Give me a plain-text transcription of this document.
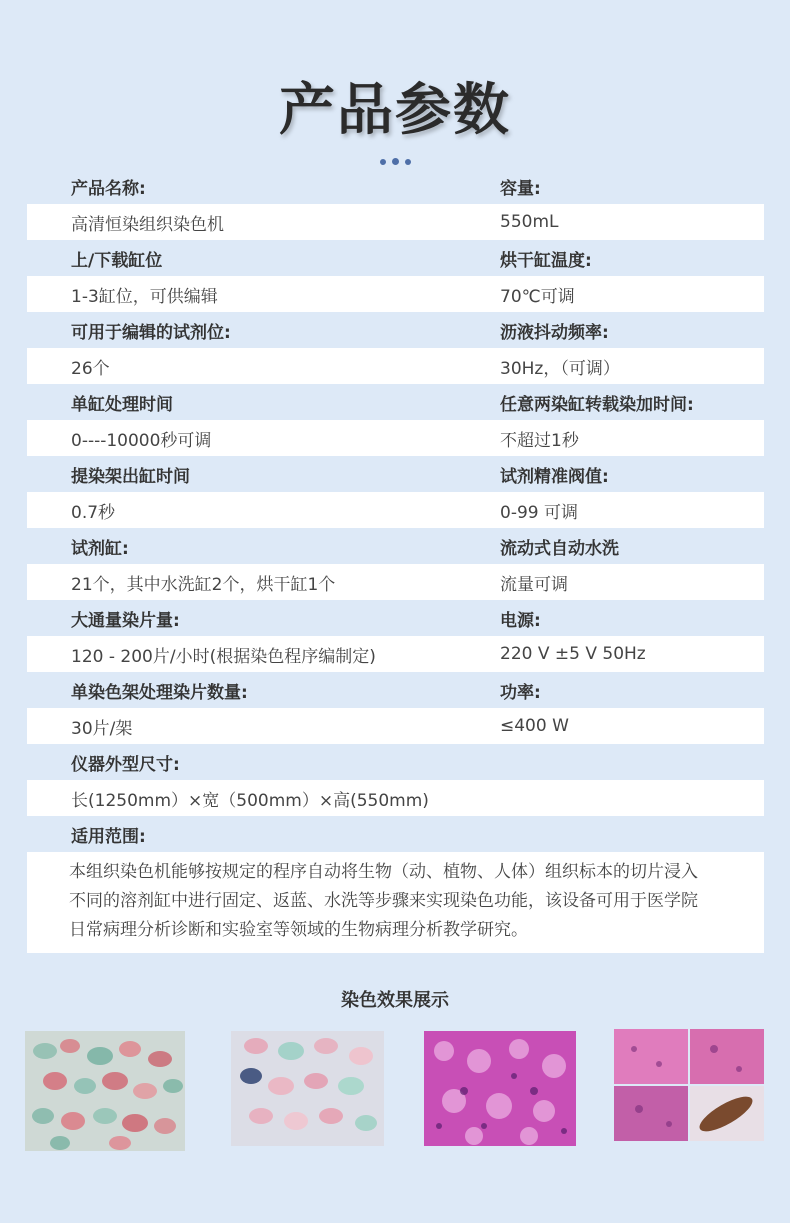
产品参数
产品名称:	容量:
高清恒染组织染色机	550mL
上/下载缸位	烘干缸温度:
1-3缸位，可供编辑	70℃可调
可用于编辑的试剂位:	沥液抖动频率:
26个	30Hz，（可调）
单缸处理时间	任意两染缸转载染加时间:
0----10000秒可调	不超过1秒
提染架出缸时间	试剂精准阀值:
0.7秒	0-99 可调
试剂缸:	流动式自动水洗
21个，其中水洗缸2个，烘干缸1个	流量可调
大通量染片量:	电源:
120 - 200片/小时(根据染色程序编制定)	220 V ±5 V 50Hz
单染色架处理染片数量:	功率:
30片/架	≤400 W
仪器外型尺寸:
长(1250mm）×宽（500mm）×高(550mm)
适用范围:
本组织染色机能够按规定的程序自动将生物（动、植物、人体）组织标本的切片浸入
不同的溶剂缸中进行固定、返蓝、水洗等步骤来实现染色功能，该设备可用于医学院
日常病理分析诊断和实验室等领域的生物病理分析教学研究。
染色效果展示
